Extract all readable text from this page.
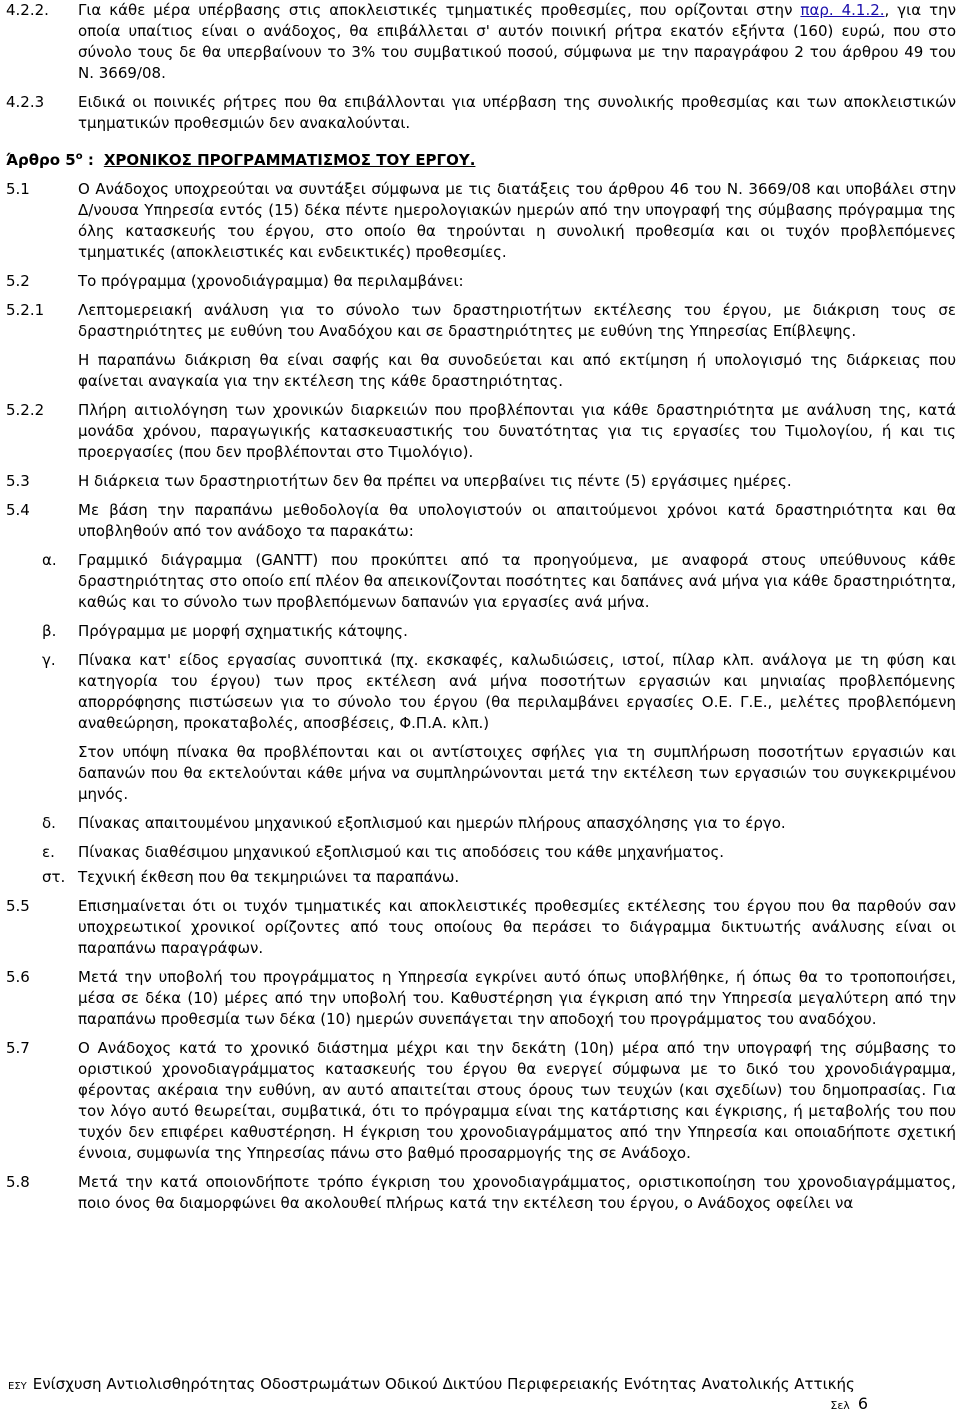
4.2.2.	Για κάθε μέρα υπέρβασης στις αποκλειστικές τμηματικές προθεσμίες, που ορίζονται στην παρ. 4.1.2., για την οποία υπαίτιος είναι ο ανάδοχος, θα επιβάλλεται σ' αυτόν ποινική ρήτρα εκατόν εξήντα (160) ευρώ, που στο σύνολο τους δε θα υπερβαίνουν το 3% του συμβατικού ποσού, σύμφωνα με την παραγράφου 2 του άρθρου 49 του Ν. 3669/08.
4.2.3	Ειδικά οι ποινικές ρήτρες που θα επιβάλλονται για υπέρβαση της συνολικής προθεσμίας και των αποκλειστικών τμηματικών προθεσμιών δεν ανακαλούνται.
Άρθρο $5^o$ : ΧΡΟΝΙΚΟΣ ΠΡΟΓΡΑΜΜΑΤΙΣΜΟΣ ΤΟΥ ΕΡΓΟΥ.
5.1	Ο Ανάδοχος υποχρεούται να συντάξει σύμφωνα με τις διατάξεις του άρθρου 46 του Ν. 3669/08 και υποβάλει στην Δ/νουσα Υπηρεσία εντός (15) δέκα πέντε ημερολογιακών ημερών από την υπογραφή της σύμβασης πρόγραμμα της όλης κατασκευής του έργου, στο οποίο θα τηρούνται η συνολική προθεσμία και οι τυχόν προβλεπόμενες τμηματικές (αποκλειστικές και ενδεικτικές) προθεσμίες.
5.2	Το πρόγραμμα (χρονοδιάγραμμα) θα περιλαμβάνει:
5.2.1	Λεπτομερειακή ανάλυση για το σύνολο των δραστηριοτήτων εκτέλεσης του έργου, με διάκριση τους σε δραστηριότητες με ευθύνη του Αναδόχου και σε δραστηριότητες με ευθύνη της Υπηρεσίας Επίβλεψης.
Η παραπάνω διάκριση θα είναι σαφής και θα συνοδεύεται και από εκτίμηση ή υπολογισμό της διάρκειας που φαίνεται αναγκαία για την εκτέλεση της κάθε δραστηριότητας.
5.2.2	Πλήρη αιτιολόγηση των χρονικών διαρκειών που προβλέπονται για κάθε δραστηριότητα με ανάλυση της, κατά μονάδα χρόνου, παραγωγικής κατασκευαστικής του δυνατότητας για τις εργασίες του Τιμολογίου, ή και τις προεργασίες (που δεν προβλέπονται στο Τιμολόγιο).
5.3	Η διάρκεια των δραστηριοτήτων δεν θα πρέπει να υπερβαίνει τις πέντε (5) εργάσιμες ημέρες.
5.4	Με βάση την παραπάνω μεθοδολογία θα υπολογιστούν οι απαιτούμενοι χρόνοι κατά δραστηριότητα και θα υποβληθούν από τον ανάδοχο τα παρακάτω:
α.	Γραμμικό διάγραμμα (GANTT) που προκύπτει από τα προηγούμενα, με αναφορά στους υπεύθυνους κάθε δραστηριότητας στο οποίο επί πλέον θα απεικονίζονται ποσότητες και δαπάνες ανά μήνα για κάθε δραστηριότητα, καθώς και το σύνολο των προβλεπόμενων δαπανών για εργασίες ανά μήνα.
β.	Πρόγραμμα με μορφή σχηματικής κάτοψης.
γ.	Πίνακα κατ' είδος εργασίας συνοπτικά (πχ. εκσκαφές, καλωδιώσεις, ιστοί, πίλαρ κλπ. ανάλογα με τη φύση και κατηγορία του έργου) των προς εκτέλεση ανά μήνα ποσοτήτων εργασιών και μηνιαίας προβλεπόμενης απορρόφησης πιστώσεων για το σύνολο του έργου (θα περιλαμβάνει εργασίες Ο.Ε. Γ.Ε., μελέτες προβλεπόμενη αναθεώρηση, προκαταβολές, αποσβέσεις, Φ.Π.Α. κλπ.)
Στον υπόψη πίνακα θα προβλέπονται και οι αντίστοιχες σφήλες για τη συμπλήρωση ποσοτήτων εργασιών και δαπανών που θα εκτελούνται κάθε μήνα να συμπληρώνονται μετά την εκτέλεση των εργασιών του συγκεκριμένου μηνός.
δ.	Πίνακας απαιτουμένου μηχανικού εξοπλισμού και ημερών πλήρους απασχόλησης για το έργο.
ε.	Πίνακας διαθέσιμου μηχανικού εξοπλισμού και τις αποδόσεις του κάθε μηχανήματος.
στ. Τεχνική έκθεση που θα τεκμηριώνει τα παραπάνω.
5.5	Επισημαίνεται ότι οι τυχόν τμηματικές και αποκλειστικές προθεσμίες εκτέλεσης του έργου που θα παρθούν σαν υποχρεωτικοί χρονικοί ορίζοντες από τους οποίους θα περάσει το διάγραμμα δικτυωτής ανάλυσης είναι οι παραπάνω παραγράφων.
5.6	Μετά την υποβολή του προγράμματος η Υπηρεσία εγκρίνει αυτό όπως υποβλήθηκε, ή όπως θα το τροποποιήσει, μέσα σε δέκα (10) μέρες από την υποβολή του. Καθυστέρηση για έγκριση από την Υπηρεσία μεγαλύτερη από την παραπάνω προθεσμία των δέκα (10) ημερών συνεπάγεται την αποδοχή του προγράμματος του αναδόχου.
5.7	Ο Ανάδοχος κατά το χρονικό διάστημα μέχρι και την δεκάτη (10η) μέρα από την υπογραφή της σύμβασης το οριστικού χρονοδιαγράμματος κατασκευής του έργου θα ενεργεί σύμφωνα με το δικό του χρονοδιάγραμμα, φέροντας ακέραια την ευθύνη, αν αυτό απαιτείται στους όρους των τευχών (και σχεδίων) του δημοπρασίας. Για τον λόγο αυτό θεωρείται, συμβατικά, ότι το πρόγραμμα είναι της κατάρτισης και έγκρισης, ή μεταβολής του που τυχόν δεν επιφέρει καθυστέρηση. Η έγκριση του χρονοδιαγράμματος από την Υπηρεσία και οποιαδήποτε σχετική έννοια, συμφωνία της Υπηρεσίας πάνω στο βαθμό προσαρμογής της σε Ανάδοχο.
5.8	Μετά την κατά οποιονδήποτε τρόπο έγκριση του χρονοδιαγράμματος, οριστικοποίηση του χρονοδιαγράμματος, ποιο όνος θα διαμορφώνει θα ακολουθεί πλήρως κατά την εκτέλεση του έργου, ο Ανάδοχος οφείλει να
ΕΣΥ Ενίσχυση Αντιολισθηρότητας Οδοστρωμάτων Οδικού Δικτύου Περιφερειακής Ενότητας Ανατολικής Αττικής
Σελ 6
